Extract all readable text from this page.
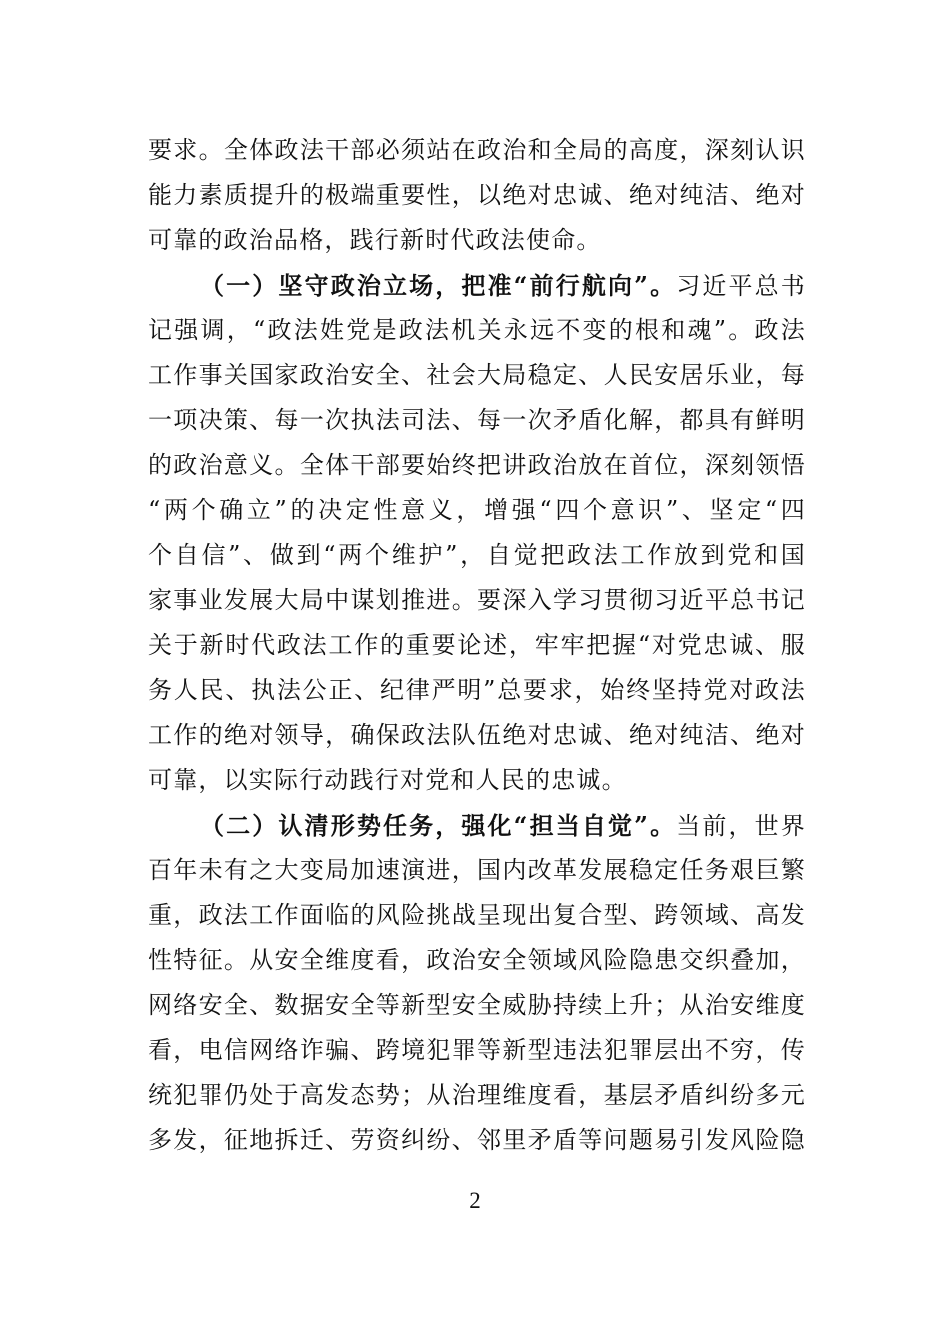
要求。全体政法干部必须站在政治和全局的高度，深刻认识
能力素质提升的极端重要性，以绝对忠诚、绝对纯洁、绝对
可靠的政治品格，践行新时代政法使命。
（一）坚守政治立场，把准“前行航向”。习近平总书
记强调，“政法姓党是政法机关永远不变的根和魂”。政法
工作事关国家政治安全、社会大局稳定、人民安居乐业，每
一项决策、每一次执法司法、每一次矛盾化解，都具有鲜明
的政治意义。全体干部要始终把讲政治放在首位，深刻领悟
“两个确立”的决定性意义，增强“四个意识”、坚定“四
个自信”、做到“两个维护”，自觉把政法工作放到党和国
家事业发展大局中谋划推进。要深入学习贯彻习近平总书记
关于新时代政法工作的重要论述，牢牢把握“对党忠诚、服
务人民、执法公正、纪律严明”总要求，始终坚持党对政法
工作的绝对领导，确保政法队伍绝对忠诚、绝对纯洁、绝对
可靠，以实际行动践行对党和人民的忠诚。
（二）认清形势任务，强化“担当自觉”。当前，世界
百年未有之大变局加速演进，国内改革发展稳定任务艰巨繁
重，政法工作面临的风险挑战呈现出复合型、跨领域、高发
性特征。从安全维度看，政治安全领域风险隐患交织叠加，
网络安全、数据安全等新型安全威胁持续上升；从治安维度
看，电信网络诈骗、跨境犯罪等新型违法犯罪层出不穷，传
统犯罪仍处于高发态势；从治理维度看，基层矛盾纠纷多元
多发，征地拆迁、劳资纠纷、邻里矛盾等问题易引发风险隐
2
